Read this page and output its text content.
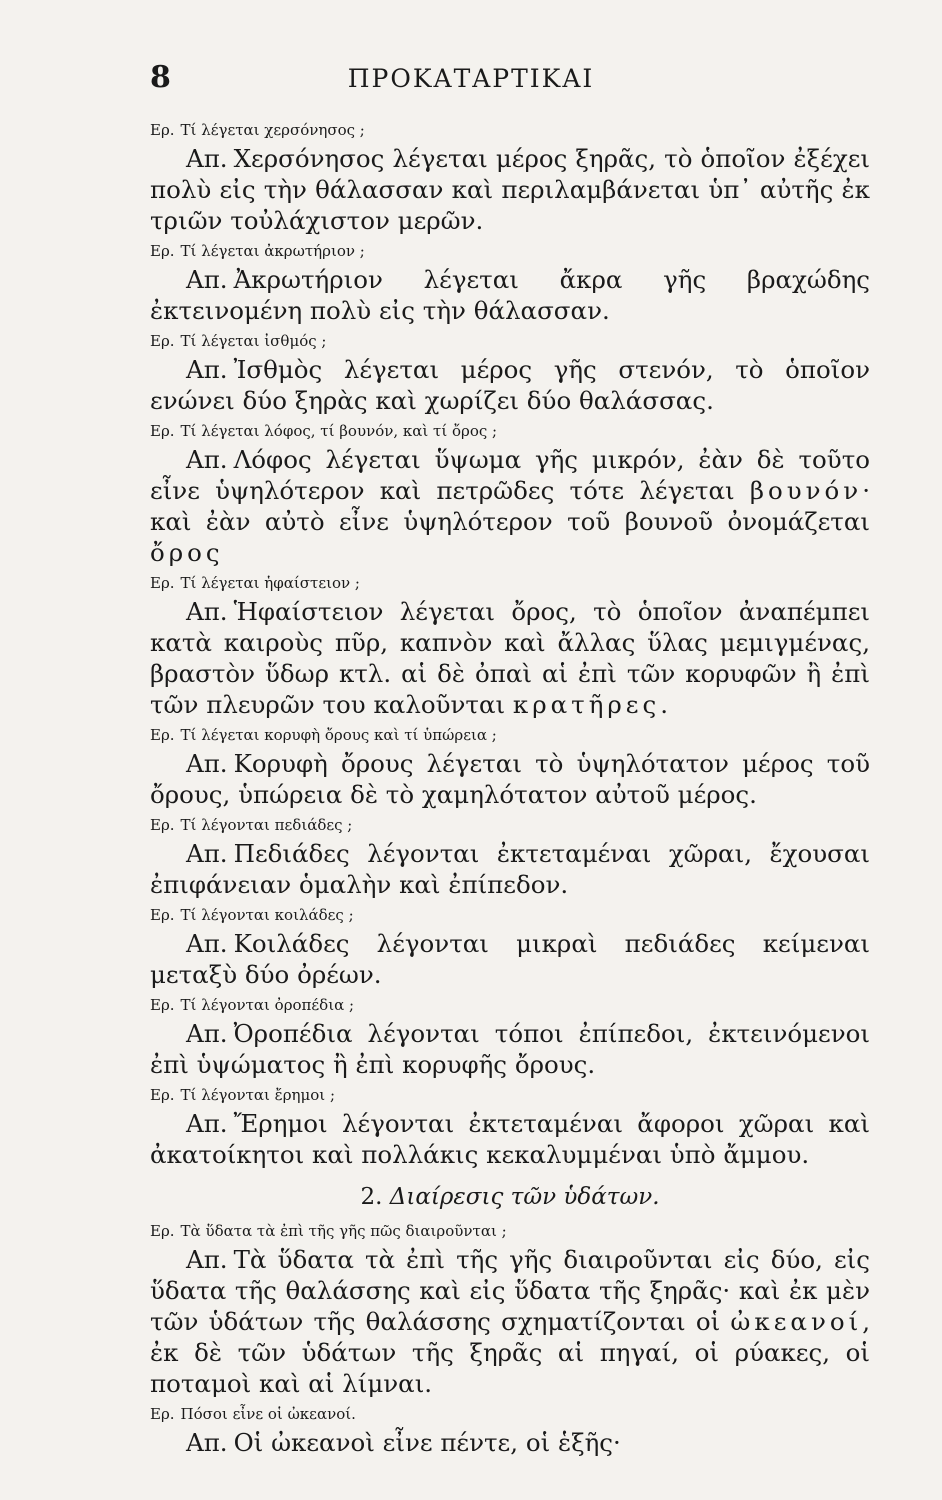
8	ΠΡΟΚΑΤΑΡΤΙΚΑΙ
Ερ. Τί λέγεται χερσόνησος ;
Απ. Χερσόνησος λέγεται μέρος ξηρᾶς, τὸ ὁποῖον ἐξέχει πολὺ εἰς τὴν θάλασσαν καὶ περιλαμβάνεται ὑπ᾽ αὐτῆς ἐκ τριῶν τοὐλάχιστον μερῶν.
Ερ. Τί λέγεται ἀκρωτήριον ;
Απ. Ἀκρωτήριον λέγεται ἄκρα γῆς βραχώδης ἐκτεινομένη πολὺ εἰς τὴν θάλασσαν.
Ερ. Τί λέγεται ἰσθμός ;
Απ. Ἰσθμὸς λέγεται μέρος γῆς στενόν, τὸ ὁποῖον ενώνει δύο ξηρὰς καὶ χωρίζει δύο θαλάσσας.
Ερ. Τί λέγεται λόφος, τί βουνόν, καὶ τί ὄρος ;
Απ. Λόφος λέγεται ὕψωμα γῆς μικρόν, ἐὰν δὲ τοῦτο εἶνε ὑψηλότερον καὶ πετρῶδες τότε λέγεται βουνόν· καὶ ἐὰν αὐτὸ εἶνε ὑψηλότερον τοῦ βουνοῦ ὀνομάζεται ὄρος
Ερ. Τί λέγεται ἡφαίστειον ;
Απ. Ἡφαίστειον λέγεται ὄρος, τὸ ὁποῖον ἀναπέμπει κατὰ καιροὺς πῦρ, καπνὸν καὶ ἄλλας ὕλας μεμιγμένας, βραστὸν ὕδωρ κτλ. αἱ δὲ ὀπαὶ αἱ ἐπὶ τῶν κορυφῶν ἢ ἐπὶ τῶν πλευρῶν του καλοῦνται κρατῆρες.
Ερ. Τί λέγεται κορυφὴ ὄρους καὶ τί ὑπώρεια ;
Απ. Κορυφὴ ὄρους λέγεται τὸ ὑψηλότατον μέρος τοῦ ὄρους, ὑπώρεια δὲ τὸ χαμηλότατον αὐτοῦ μέρος.
Ερ. Τί λέγονται πεδιάδες ;
Απ. Πεδιάδες λέγονται ἐκτεταμέναι χῶραι, ἔχουσαι ἐπιφάνειαν ὁμαλὴν καὶ ἐπίπεδον.
Ερ. Τί λέγονται κοιλάδες ;
Απ. Κοιλάδες λέγονται μικραὶ πεδιάδες κείμεναι μεταξὺ δύο ὀρέων.
Ερ. Τί λέγονται ὀροπέδια ;
Απ. Ὀροπέδια λέγονται τόποι ἐπίπεδοι, ἐκτεινόμενοι ἐπὶ ὑψώματος ἢ ἐπὶ κορυφῆς ὄρους.
Ερ. Τί λέγονται ἔρημοι ;
Απ. Ἔρημοι λέγονται ἐκτεταμέναι ἄφοροι χῶραι καὶ ἀκατοίκητοι καὶ πολλάκις κεκαλυμμέναι ὑπὸ ἄμμου.
2. Διαίρεσις τῶν ὑδάτων.
Ερ. Τὰ ὕδατα τὰ ἐπὶ τῆς γῆς πῶς διαιροῦνται ;
Απ. Τὰ ὕδατα τὰ ἐπὶ τῆς γῆς διαιροῦνται εἰς δύο, εἰς ὕδατα τῆς θαλάσσης καὶ εἰς ὕδατα τῆς ξηρᾶς· καὶ ἐκ μὲν τῶν ὑδάτων τῆς θαλάσσης σχηματίζονται οἱ ὠκεανοί, ἐκ δὲ τῶν ὑδάτων τῆς ξηρᾶς αἱ πηγαί, οἱ ρύακες, οἱ ποταμοὶ καὶ αἱ λίμναι.
Ερ. Πόσοι εἶνε οἱ ὠκεανοί.
Απ. Οἱ ὠκεανοὶ εἶνε πέντε, οἱ ἑξῆς·
